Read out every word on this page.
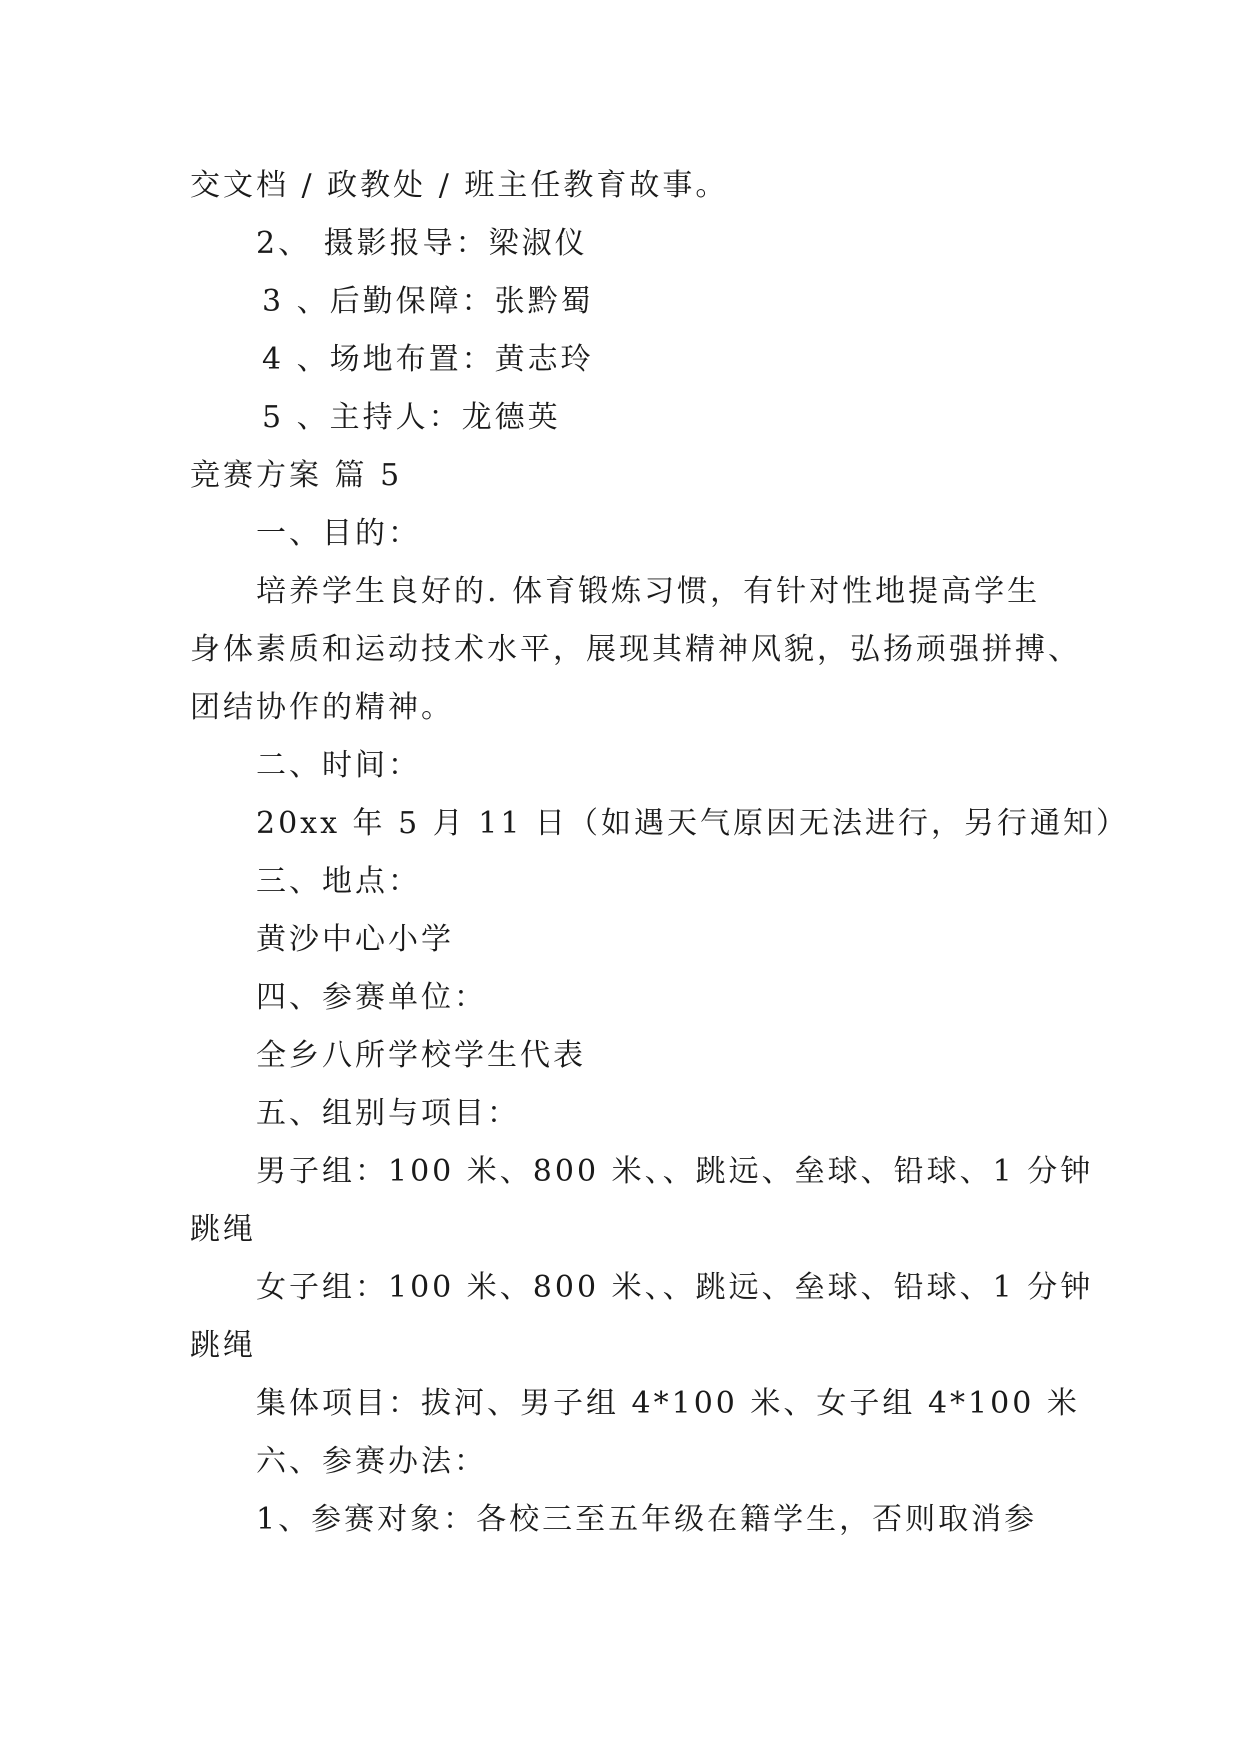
交文档 / 政教处 / 班主任教育故事。
2、 摄影报导：梁淑仪
3 、后勤保障：张黔蜀
4 、场地布置：黄志玲
5 、主持人：龙德英
竞赛方案 篇 5
一、目的：
培养学生良好的. 体育锻炼习惯，有针对性地提高学生
身体素质和运动技术水平，展现其精神风貌，弘扬顽强拼搏、
团结协作的精神。
二、时间：
20xx 年 5 月 11 日（如遇天气原因无法进行，另行通知）
三、地点：
黄沙中心小学
四、参赛单位：
全乡八所学校学生代表
五、组别与项目：
男子组：100 米、800 米、、跳远、垒球、铅球、1 分钟
跳绳
女子组：100 米、800 米、、跳远、垒球、铅球、1 分钟
跳绳
集体项目：拔河、男子组 4*100 米、女子组 4*100 米
六、参赛办法：
1、参赛对象：各校三至五年级在籍学生，否则取消参
